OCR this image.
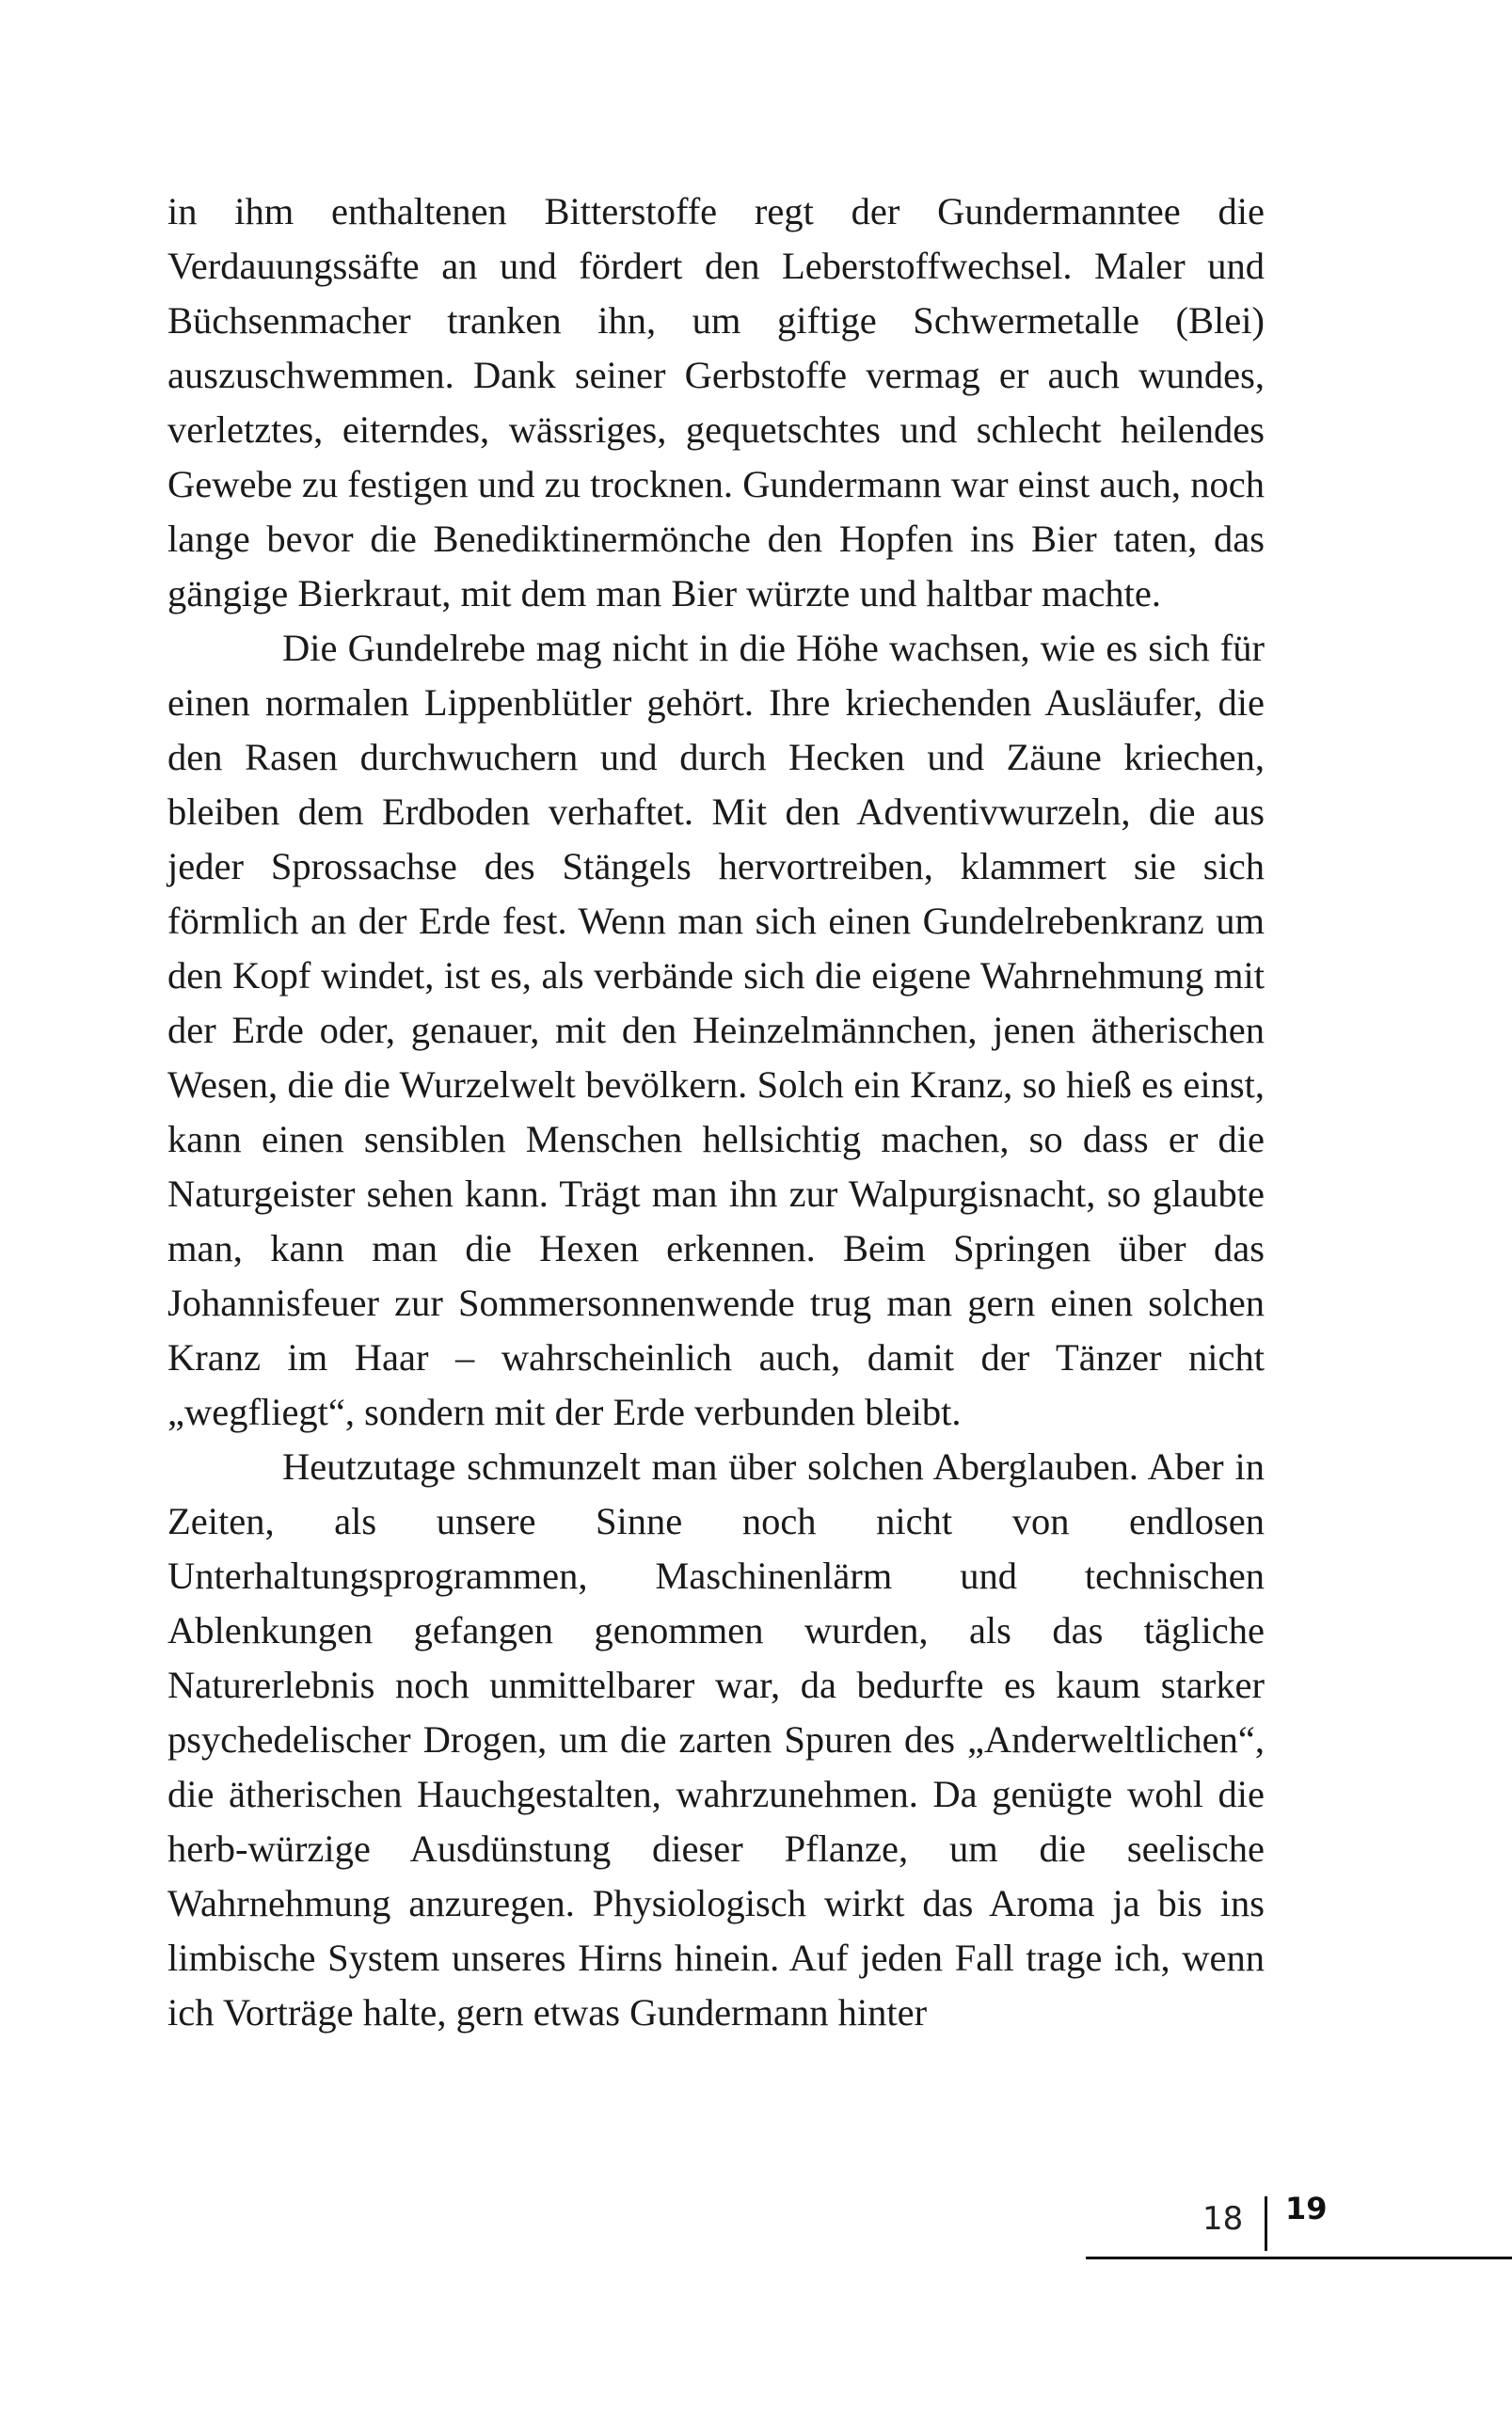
in ihm enthaltenen Bitterstoffe regt der Gundermanntee die Verdauungssäfte an und fördert den Leberstoffwechsel. Maler und Büchsenmacher tranken ihn, um giftige Schwermetalle (Blei) auszuschwemmen. Dank seiner Gerbstoffe vermag er auch wundes, verletztes, eiterndes, wässriges, gequetschtes und schlecht heilendes Gewebe zu festigen und zu trocknen. Gundermann war einst auch, noch lange bevor die Benediktinermönche den Hopfen ins Bier taten, das gängige Bierkraut, mit dem man Bier würzte und haltbar machte.

Die Gundelrebe mag nicht in die Höhe wachsen, wie es sich für einen normalen Lippenblütler gehört. Ihre kriechenden Ausläufer, die den Rasen durchwuchern und durch Hecken und Zäune kriechen, bleiben dem Erdboden verhaftet. Mit den Adventivwurzeln, die aus jeder Sprossachse des Stängels hervortreiben, klammert sie sich förmlich an der Erde fest. Wenn man sich einen Gundelrebenkranz um den Kopf windet, ist es, als verbände sich die eigene Wahrnehmung mit der Erde oder, genauer, mit den Heinzelmännchen, jenen ätherischen Wesen, die die Wurzelwelt bevölkern. Solch ein Kranz, so hieß es einst, kann einen sensiblen Menschen hellsichtig machen, so dass er die Naturgeister sehen kann. Trägt man ihn zur Walpurgisnacht, so glaubte man, kann man die Hexen erkennen. Beim Springen über das Johannisfeuer zur Sommersonnenwende trug man gern einen solchen Kranz im Haar – wahrscheinlich auch, damit der Tänzer nicht „wegfliegt“, sondern mit der Erde verbunden bleibt.

Heutzutage schmunzelt man über solchen Aberglauben. Aber in Zeiten, als unsere Sinne noch nicht von endlosen Unterhaltungsprogrammen, Maschinenlärm und technischen Ablenkungen gefangen genommen wurden, als das tägliche Naturerlebnis noch unmittelbarer war, da bedurfte es kaum starker psychedelischer Drogen, um die zarten Spuren des „Anderweltlichen“, die ätherischen Hauchgestalten, wahrzunehmen. Da genügte wohl die herb-würzige Ausdünstung dieser Pflanze, um die seelische Wahrnehmung anzuregen. Physiologisch wirkt das Aroma ja bis ins limbische System unseres Hirns hinein. Auf jeden Fall trage ich, wenn ich Vorträge halte, gern etwas Gundermann hinter

18 19
